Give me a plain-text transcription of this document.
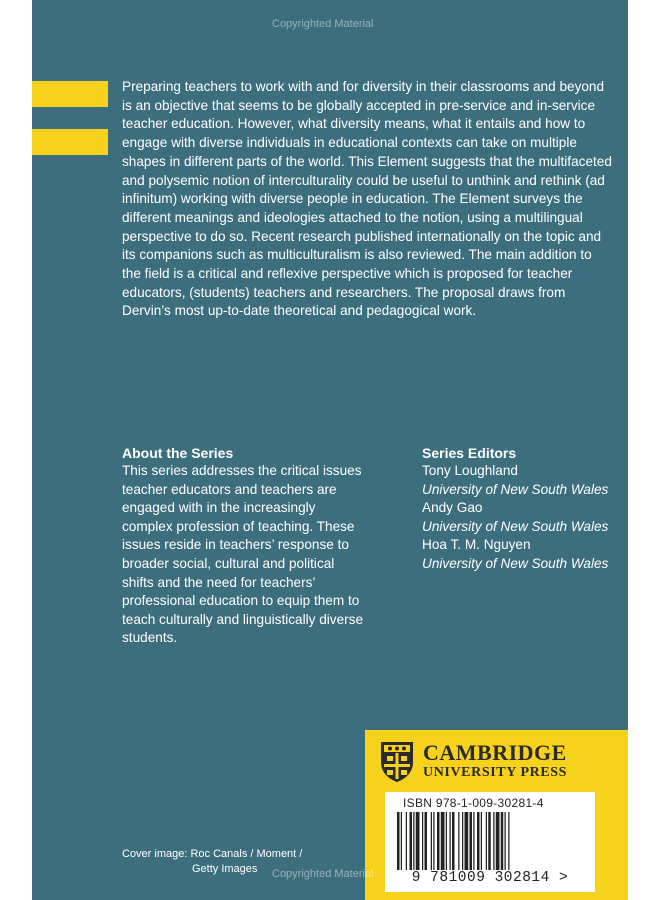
Copyrighted Material

Preparing teachers to work with and for diversity in their classrooms and beyond is an objective that seems to be globally accepted in pre-service and in-service teacher education. However, what diversity means, what it entails and how to engage with diverse individuals in educational contexts can take on multiple shapes in different parts of the world. This Element suggests that the multifaceted and polysemic notion of interculturality could be useful to unthink and rethink (ad infinitum) working with diverse people in education. The Element surveys the different meanings and ideologies attached to the notion, using a multilingual perspective to do so. Recent research published internationally on the topic and its companions such as multiculturalism is also reviewed. The main addition to the field is a critical and reflexive perspective which is proposed for teacher educators, (students) teachers and researchers. The proposal draws from Dervin’s most up-to-date theoretical and pedagogical work.

About the Series

This series addresses the critical issues teacher educators and teachers are engaged with in the increasingly complex profession of teaching. These issues reside in teachers’ response to broader social, cultural and political shifts and the need for teachers’ professional education to equip them to teach culturally and linguistically diverse students.

Series Editors

Tony Loughland

University of New South Wales

Andy Gao

University of New South Wales

Hoa T. M. Nguyen

University of New South Wales

CAMBRIDGE
UNIVERSITY PRESS
ISBN 978-1-009-30281-4
9 781009 302814 >

Cover image: Roc Canals / Moment /
Getty Images	Copyrighted Material
